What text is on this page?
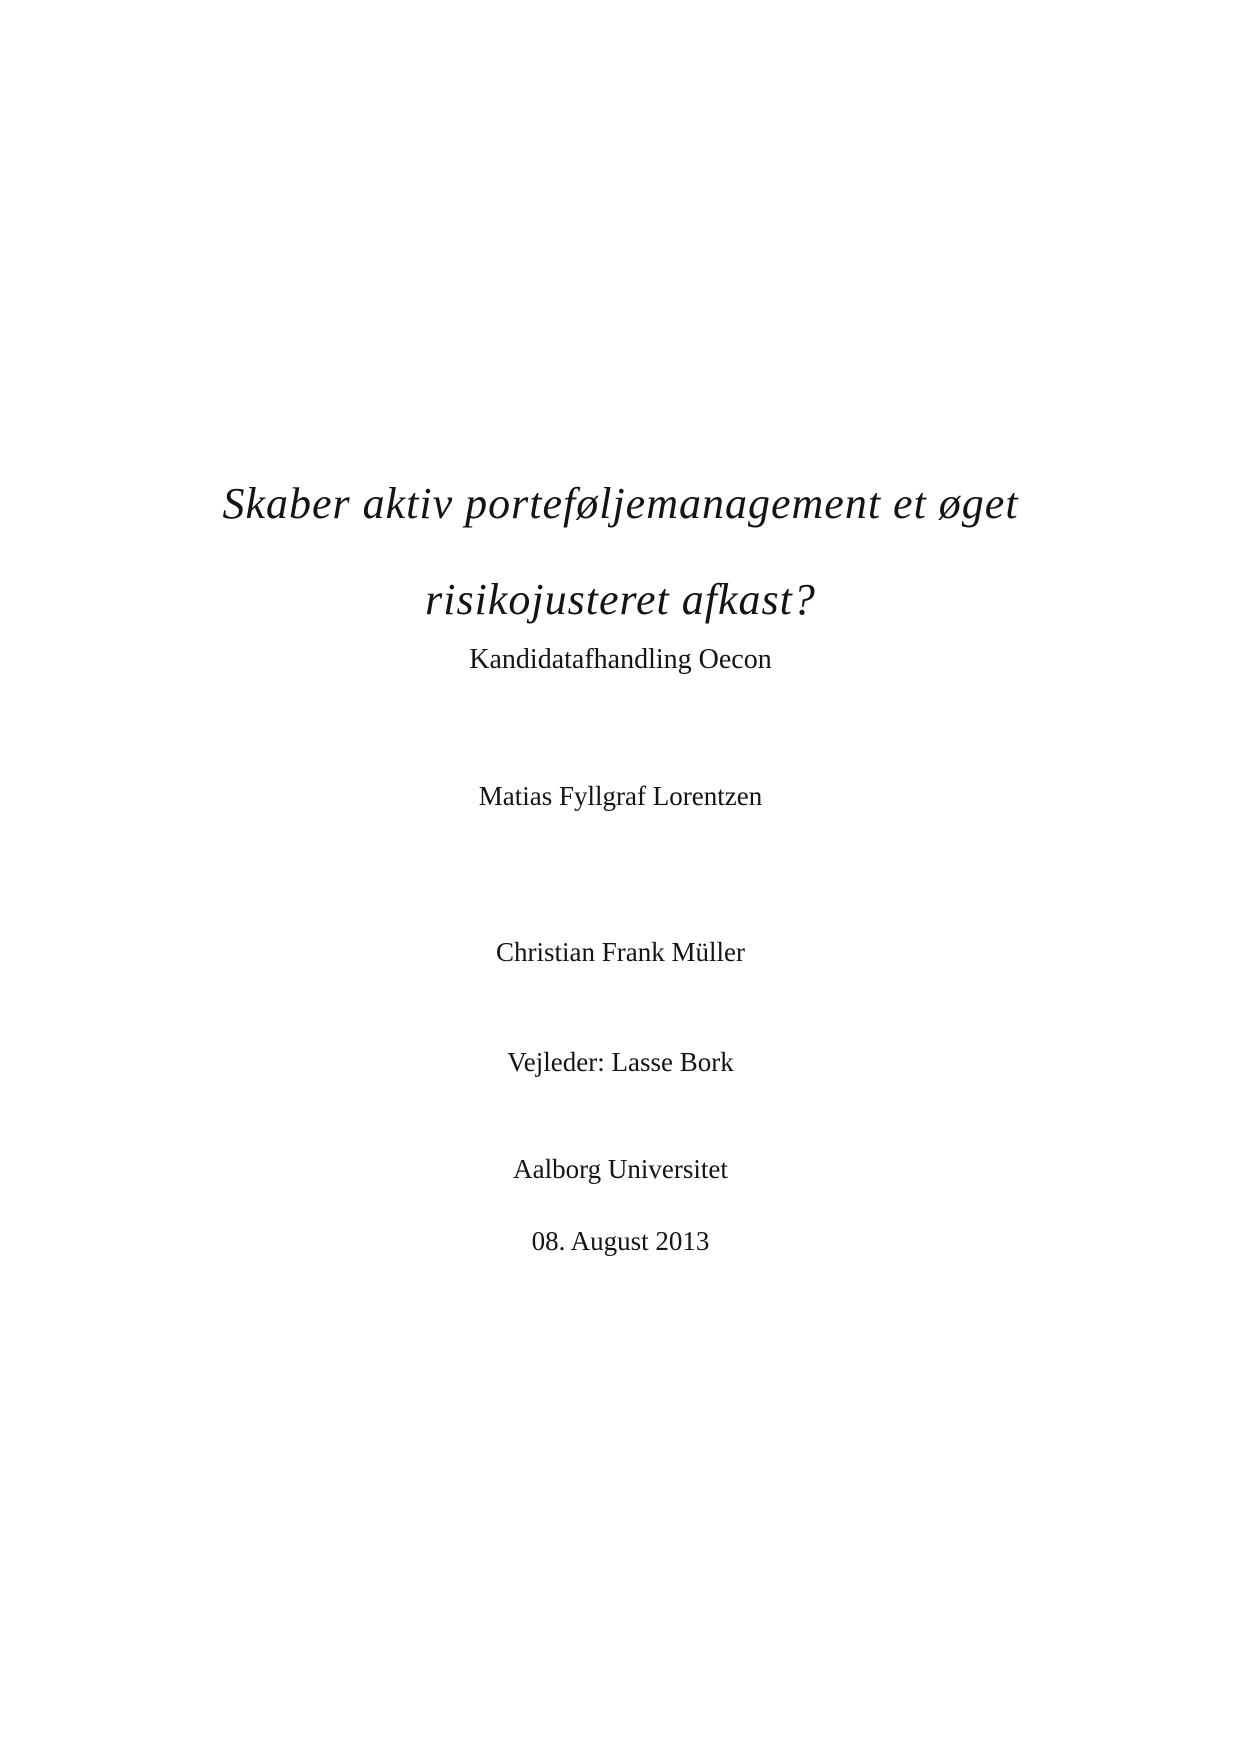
Skaber aktiv porteføljemanagement et øget
risikojusteret afkast?
Kandidatafhandling Oecon
Matias Fyllgraf Lorentzen
Christian Frank Müller
Vejleder: Lasse Bork
Aalborg Universitet
08. August 2013
